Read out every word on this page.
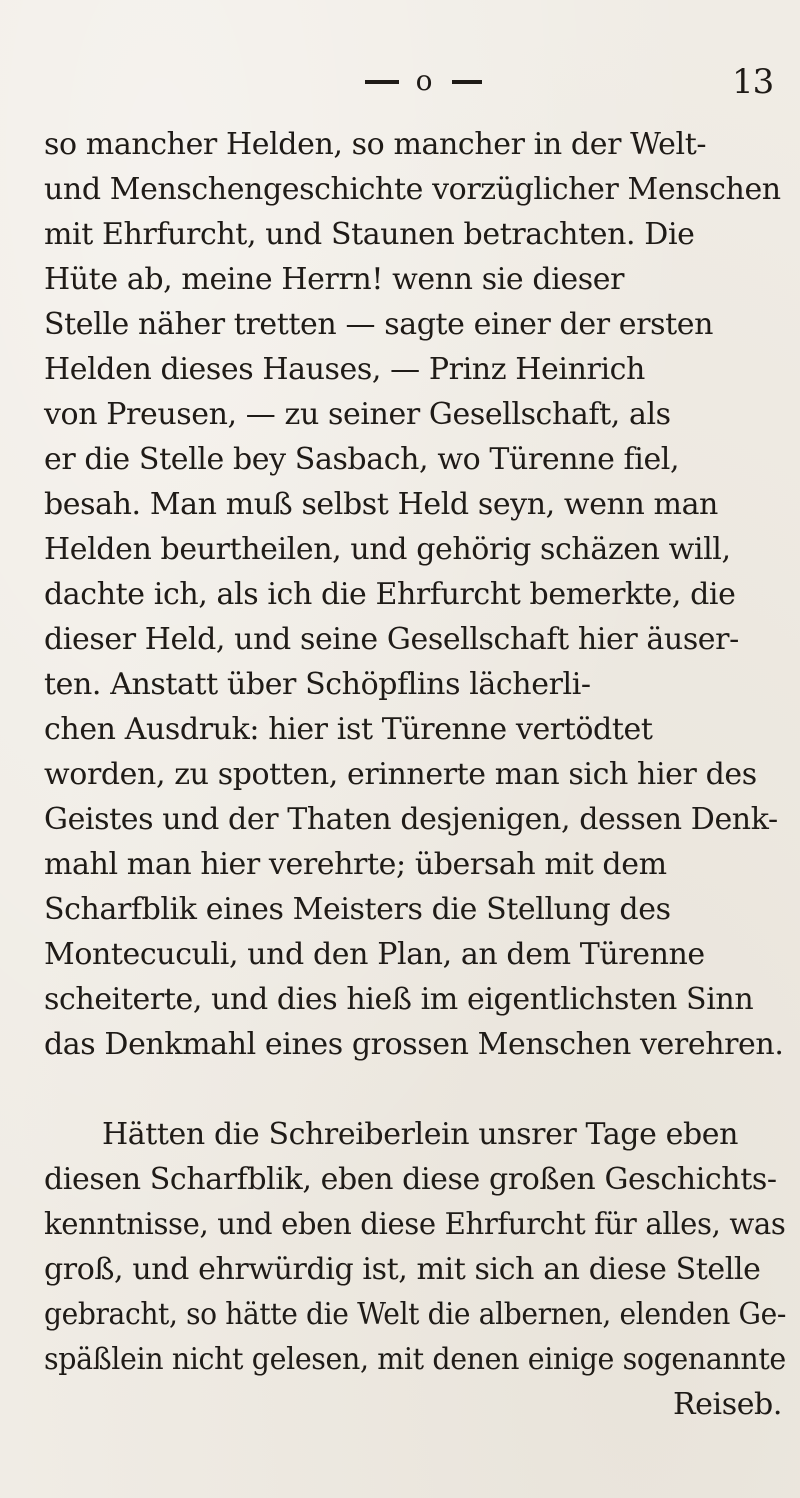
o	13
so mancher Helden, so mancher in der Welt-
und Menschengeschichte vorzüglicher Menschen
mit Ehrfurcht, und Staunen betrachten. Die
Hüte ab, meine Herrn! wenn sie dieser
Stelle näher tretten — sagte einer der ersten
Helden dieses Hauses, — Prinz Heinrich
von Preusen, — zu seiner Gesellschaft, als
er die Stelle bey Sasbach, wo Türenne fiel,
besah. Man muß selbst Held seyn, wenn man
Helden beurtheilen, und gehörig schäzen will,
dachte ich, als ich die Ehrfurcht bemerkte, die
dieser Held, und seine Gesellschaft hier äuser-
ten. Anstatt über Schöpflins lächerli-
chen Ausdruk: hier ist Türenne vertödtet
worden, zu spotten, erinnerte man sich hier des
Geistes und der Thaten desjenigen, dessen Denk-
mahl man hier verehrte; übersah mit dem
Scharfblik eines Meisters die Stellung des
Montecuculi, und den Plan, an dem Türenne
scheiterte, und dies hieß im eigentlichsten Sinn
das Denkmahl eines grossen Menschen verehren.
Hätten die Schreiberlein unsrer Tage eben
diesen Scharfblik, eben diese großen Geschichts-
kenntnisse, und eben diese Ehrfurcht für alles, was
groß, und ehrwürdig ist, mit sich an diese Stelle
gebracht, so hätte die Welt die albernen, elenden Ge-
späßlein nicht gelesen, mit denen einige sogenannte
Reiseb.
